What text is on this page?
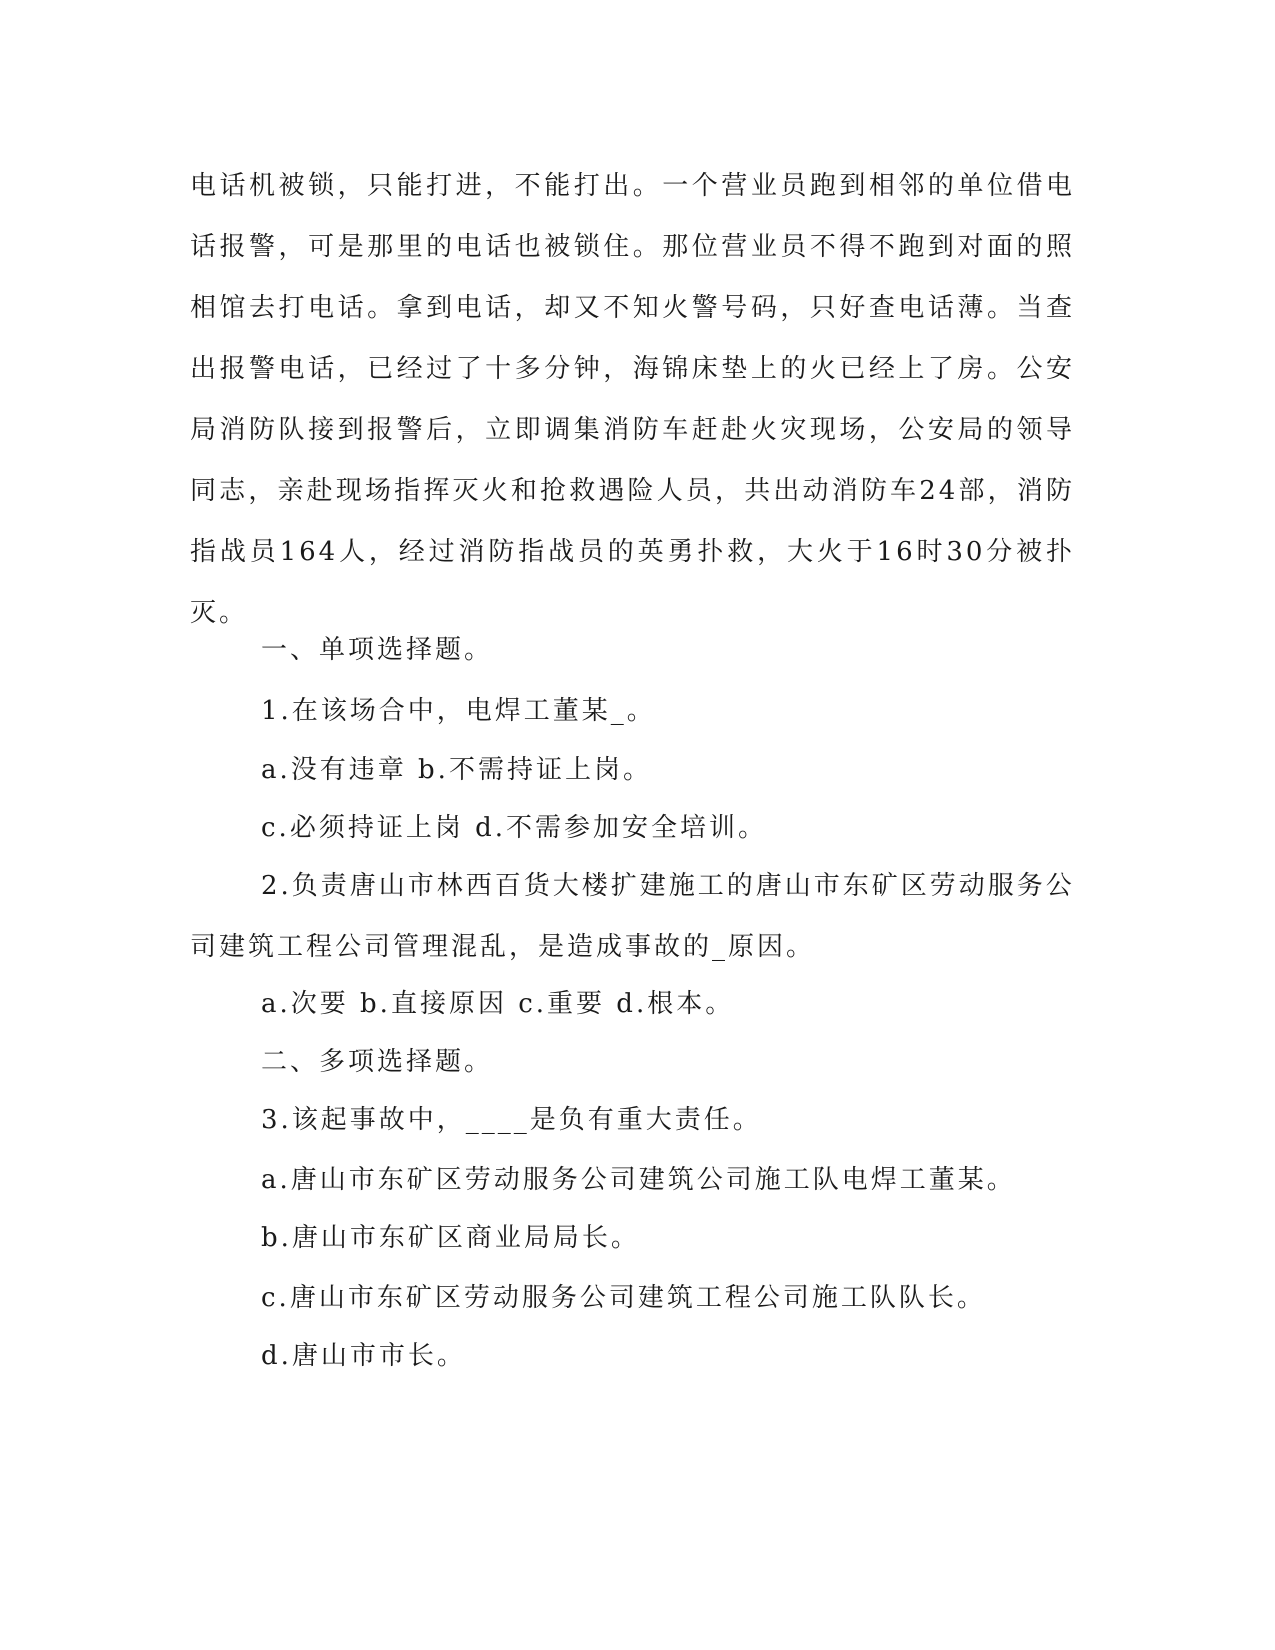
电话机被锁，只能打进，不能打出。一个营业员跑到相邻的单位借电话报警，可是那里的电话也被锁住。那位营业员不得不跑到对面的照相馆去打电话。拿到电话，却又不知火警号码，只好查电话薄。当查出报警电话，已经过了十多分钟，海锦床垫上的火已经上了房。公安局消防队接到报警后，立即调集消防车赶赴火灾现场，公安局的领导同志，亲赴现场指挥灭火和抢救遇险人员，共出动消防车24部，消防指战员164人，经过消防指战员的英勇扑救，大火于16时30分被扑灭。

一、单项选择题。

1.在该场合中，电焊工董某_。

a.没有违章 b.不需持证上岗。

c.必须持证上岗 d.不需参加安全培训。

2.负责唐山市林西百货大楼扩建施工的唐山市东矿区劳动服务公司建筑工程公司管理混乱，是造成事故的_原因。

a.次要 b.直接原因 c.重要 d.根本。

二、多项选择题。

3.该起事故中，____是负有重大责任。

a.唐山市东矿区劳动服务公司建筑公司施工队电焊工董某。

b.唐山市东矿区商业局局长。

c.唐山市东矿区劳动服务公司建筑工程公司施工队队长。

d.唐山市市长。
